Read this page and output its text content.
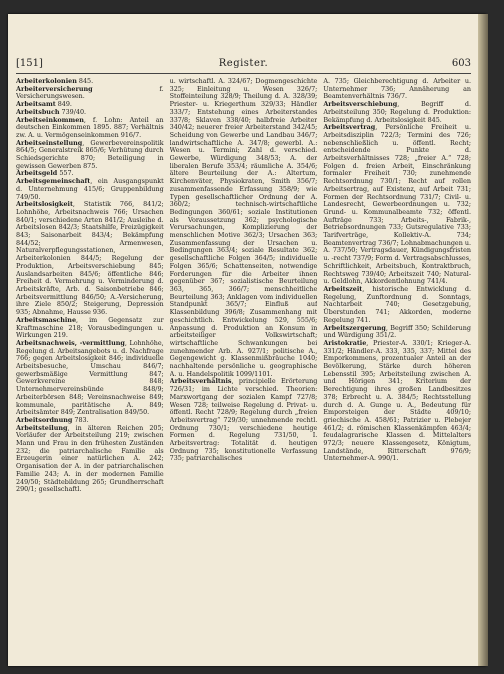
[151]	Register.	603

Arbeiterkolonien 845.

Arbeiterversicherung f. Versicherungswesen.

Arbeitsamt 849.

Arbeitsbuch 739/40.

Arbeitseinkommen, f. Lohn: Anteil an deutschen Einkommen 1895. 887; Verhältnis zw. A. u. Vermögenseinkommen 916/7.

Arbeitseinstellung, Gewerbevereinspolitik 864/5; Generalstreik 865/6; Verhütung durch Schiedsgerichte 870; Beteiligung in gewissen Gewerben 875.

Arbeitsgeld 557.

Arbeitsgemeinschaft, ein Ausgangspunkt d. Unternehmung 415/6; Gruppenbildung 749/50.

Arbeitslosigkeit, Statistik 766, 841/2; Lohnhöhe, Arbeitsnachweis 766; Ursachen 840/1; verschiedene Arten 841/2; Ausleihe d. Arbeitslosen 842/3; Staatshilfe, Freizügigkeit 843; Saisonarbeit 843/4; Bekämpfung 844/52; Armenwesen, Naturalverpflegungsstationen, Arbeiterkolonien 844/5; Regelung der Produktion, Arbeitsverschiebung 845; Auslandsarbeiten 845/6; öffentliche 846; Freiheit d. Vermehrung u. Verminderung d. Arbeitskräfte, Arb. d. Saisonbetriebe 846; Arbeitsvermittlung 846/50; A.-Versicherung, ihre Ziele 850/2; Steigerung, Depression 935; Abnahme, Hausse 936.

Arbeitsmaschine, im Gegensatz zur Kraftmaschine 218; Vorausbedingungen u. Wirkungen 219.

Arbeitsnachweis, -vermittlung, Lohnhöhe, Regelung d. Arbeitsangebots u. d. Nachfrage 766; gegen Arbeitslosigkeit 846; individuelle Arbeitsbesuche, Umschau 846/7; gewerbsmäßige Vermittlung 847; Gewerkvereine 848; Unternehmervereinsbünde 848/9; Arbeiterbörsen 848; Vereinsnachweise 849; kommunale, paritätische A. 849; Arbeitsämter 849; Zentralisation 849/50.

Arbeitsordnung 783.

Arbeitsteilung, in älteren Reichen 205; Vorläufer der Arbeitsteilung 219; zwischen Mann und Frau in den frühesten Zuständen 232; die patriarchalische Familie als Erzeugerin einer natürlichen A. 242; Organisation der A. in der patriarchalischen Familie 243; A. in der modernen Familie 249/50; Städtebildung 265; Grundherrschaft 290/1; gesellschaftl.

u. wirtschaftl. A. 324/67; Dogmengeschichte 325; Einleitung u. Wesen 326/7; Stoffeinteilung 328/9; Theilung d. A. 328/39; Priester- u. Kriegerthum 329/33; Händler 333/7; Entstehung eines Arbeiterstandes 337/8; Sklaven 338/40; halbfreie Arbeiter 340/42; neuerer freier Arbeiterstand 342/45; Scheidung von Gewerbe und Landbau 346/7; landwirtschaftliche A. 347/8; gewerbl. A.: Wesen u. Termini; Zahl d. verschied. Gewerbe, Würdigung 348/53; A. der liberalen Berufe 353/4; räumliche A. 354/6; ältere Beurteilung der A.: Altertum, Kirchenväter, Physiokraten, Smith 356/7; zusammenfassende Erfassung 358/9; wie Typen gesellschaftlicher Ordnung der A. 360/2; technisch-wirtschaftliche Bedingungen 360/61; soziale Institutionen als Voraussetzung 362; psychologische Verursachungen, Komplizierung der menschlichen Motive 362/3; Ursachen 363; Zusammenfassung der Ursachen u. Bedingungen 363/4; soziale Resultate 362; gesellschaftliche Folgen 364/5; individuelle Folgen 365/6; Schattenseiten, notwendige Forderungen für die Arbeiter ihnen gegenüber 367; sozialistische Beurteilung 363, 365, 366/7; menschheitliche Beurteilung 363; Anklagen vom individuellen Standpunkt 365/7; Einfluß auf Klassenbildung 396/8; Zusammenhang mit geschichtlich. Entwickelung 529, 555/6; Anpassung d. Produktion an Konsum in arbeitsteiliger Volkswirtschaft; wirtschaftliche Schwankungen bei zunehmender Arb. A. 927/1; politische A., Gegengewicht g. Klassenmißbräuche 1040; nachhaltende persönliche u. geographische A. u. Handelspolitik 1099/1101.

Arbeitsverhältnis, principielle Erörterung 726/31; im Lichte verschied. Theorien: Marxwortgang der sozialen Kampf 727/8; Wesen 728; teilweise Regelung d. Privat- u. öffentl. Recht 728/9; Regelung durch „freien Arbeitsvertrag“ 729/30; unnehmende rechtl. Ordnung 730/1; verschiedene heutige Formen d. Regelung 731/50, I. Arbeitsvertrag: Totalität d. heutigen Ordnung 735; konstitutionelle Verfassung 735; patriarchalisches

A. 735; Gleichberechtigung d. Arbeiter u. Unternehmer 736; Annäherung an Beamtenverhältnis 736/7.

Arbeitsverschiebung, Begriff d. Arbeitsteilung 350; Regelung d. Produktion: Bekämpfung d. Arbeitslosigkeit 845.

Arbeitsvertrag, Persönliche Freiheit u. Arbeitsdisziplin 722/3; Termini des 726; nebenschließlich u. öffentl. Recht; entscheidende Punkte d. Arbeitsverhältnisses 728; „freier A.“ 728; Folgen d. freien Arbeit, Einschränkung formaler Freiheit 730; zunehmende Rechtsordnung 730/1; Recht auf rollen Arbeitsertrag, auf Existenz, auf Arbeit 731; Formen der Rechtsordnung 731/7; Civil- u. Landesrecht, Gewerbeordnungen u. 732; Grund- u. Kommunalbeamte 732; öffentl. Aufträge 733; Arbeits-, Fabrik-, Betriebsordnungen 733; Gutsregulative 733; Tarifverträge, Kollektiv-A. 734; Beamtenvertrag 736/7; Lohnabmachungen u. A. 737/50; Vertragsdauer, Kündigungsfristen u. -recht 737/9; Form d. Vertragsabschlusses, Schriftlichkeit, Arbeitsbuch, Kontraktbruch, Rechtsweg 739/40; Arbeitszeit 740; Natural- u. Geldlohn, Akkordentlohnung 741/4.

Arbeitszeit, historische Entwicklung d. Regelung, Zunftordnung d. Sonntags, Nachtarbeit 740; Gesetzgebung, Überstunden 741; Akkorden, moderne Regelung 741.

Arbeitszergerung, Begriff 350; Schilderung und Würdigung 351/2.

Aristokratie, Priester-A. 330/1; Krieger-A. 331/2; Händler-A. 333, 335, 337; Mittel des Emporkommens, prozentualer Anteil an der Bevölkerung, Stärke durch höheren Lebensstil 395; Arbeitsteilung zwischen A. und Hörigen 341; Kriterium der Berechtigung ihres großen Landbesitzes 378; Erbrecht u. A. 384/5; Rechtsstellung durch d. A. Gunge u. A., Bedeutung für Emporsteigen der Städte 409/10; griechische A. 458/61; Patrizier u. Plebejer 461/2; d. römischen Klassenkämpfen 463/4; feudalagrarische Klassen d. Mittelalters 972/3; neuere Klassengesetz, Königtum, Landstände, Ritterschaft 976/9; Unternehmer-A. 990/1.
